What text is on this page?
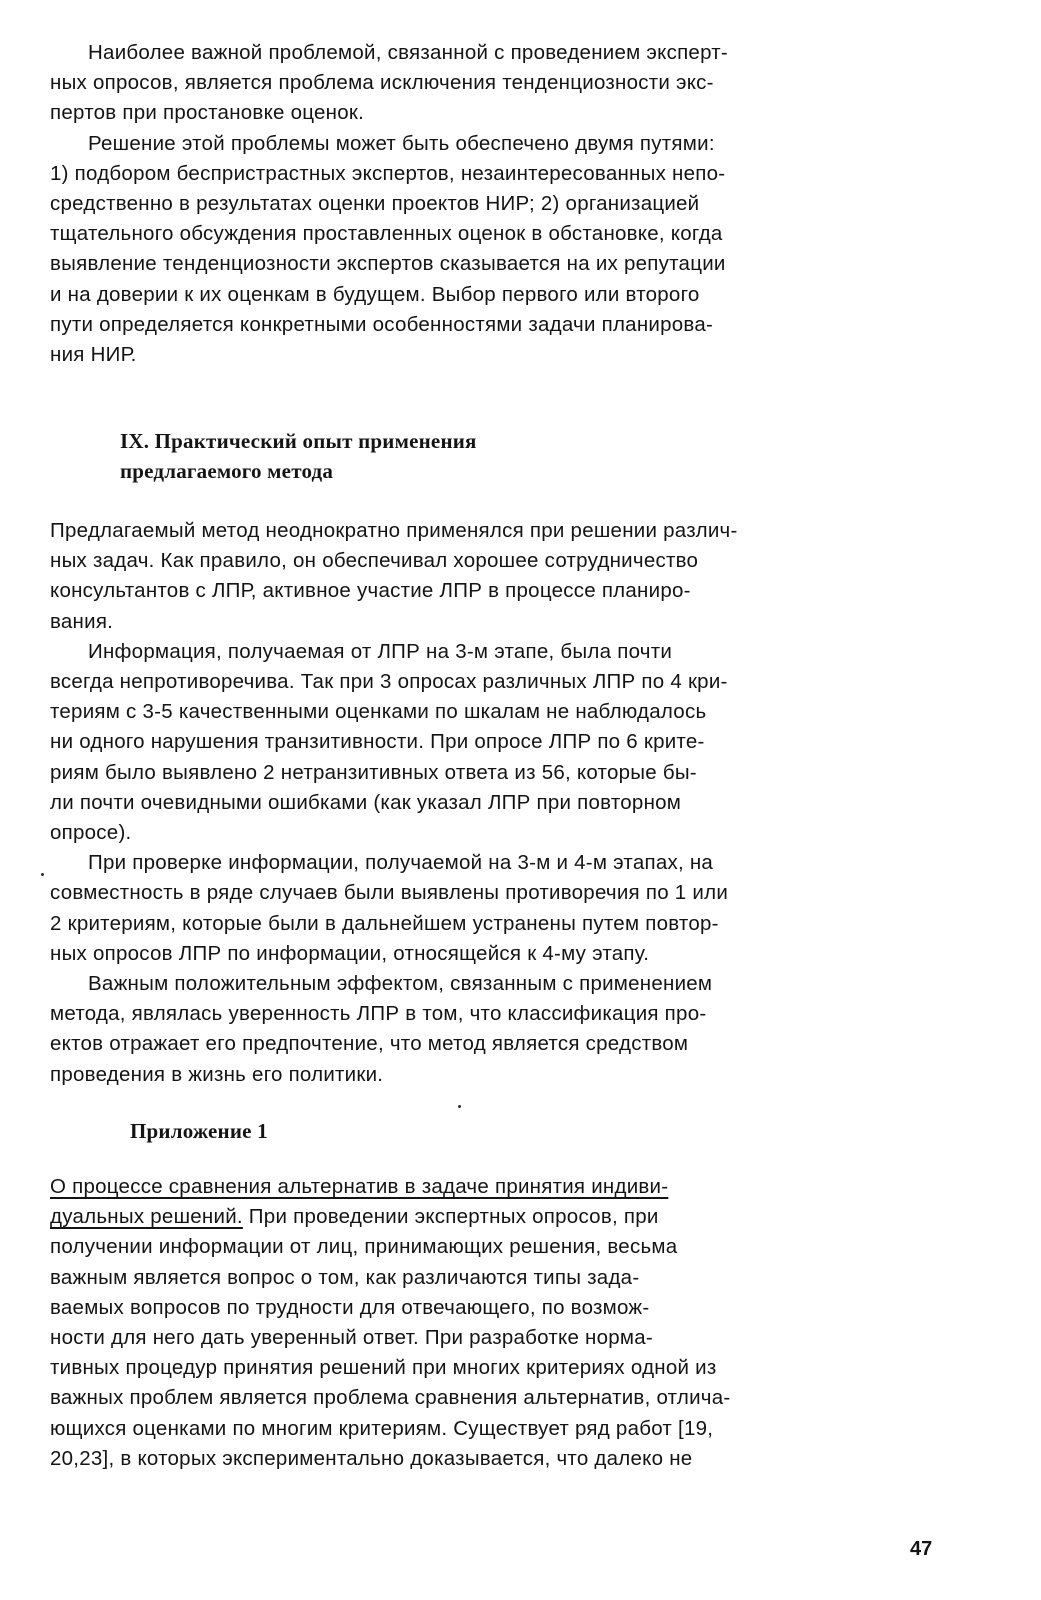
Наиболее важной проблемой, связанной с проведением эксперт-
ных опросов, является проблема исключения тенденциозности экс-
пертов при простановке оценок.

Решение этой проблемы может быть обеспечено двумя путями:
1) подбором беспристрастных экспертов, незаинтересованных непо-
средственно в результатах оценки проектов НИР; 2) организацией
тщательного обсуждения проставленных оценок в обстановке, когда
выявление тенденциозности экспертов сказывается на их репутации
и на доверии к их оценкам в будущем. Выбор первого или второго
пути определяется конкретными особенностями задачи планирова-
ния НИР.

IX. Практический опыт применения
предлагаемого метода

Предлагаемый метод неоднократно применялся при решении различ-
ных задач. Как правило, он обеспечивал хорошее сотрудничество
консультантов с ЛПР, активное участие ЛПР в процессе планиро-
вания.

Информация, получаемая от ЛПР на 3-м этапе, была почти
всегда непротиворечива. Так при 3 опросах различных ЛПР по 4 кри-
териям с 3-5 качественными оценками по шкалам не наблюдалось
ни одного нарушения транзитивности. При опросе ЛПР по 6 крите-
риям было выявлено 2 нетранзитивных ответа из 56, которые бы-
ли почти очевидными ошибками (как указал ЛПР при повторном
опросе).

При проверке информации, получаемой на 3-м и 4-м этапах, на
совместность в ряде случаев были выявлены противоречия по 1 или
2 критериям, которые были в дальнейшем устранены путем повтор-
ных опросов ЛПР по информации, относящейся к 4-му этапу.

Важным положительным эффектом, связанным с применением
метода, являлась уверенность ЛПР в том, что классификация про-
ектов отражает его предпочтение, что метод является средством
проведения в жизнь его политики.

Приложение 1

О процессе сравнения альтернатив в задаче принятия индиви-
дуальных решений. При проведении экспертных опросов, при
получении информации от лиц, принимающих решения, весьма
важным является вопрос о том, как различаются типы зада-
ваемых вопросов по трудности для отвечающего, по возмож-
ности для него дать уверенный ответ. При разработке норма-
тивных процедур принятия решений при многих критериях одной из
важных проблем является проблема сравнения альтернатив, отлича-
ющихся оценками по многим критериям. Существует ряд работ [19,
20,23], в которых экспериментально доказывается, что далеко не

47
